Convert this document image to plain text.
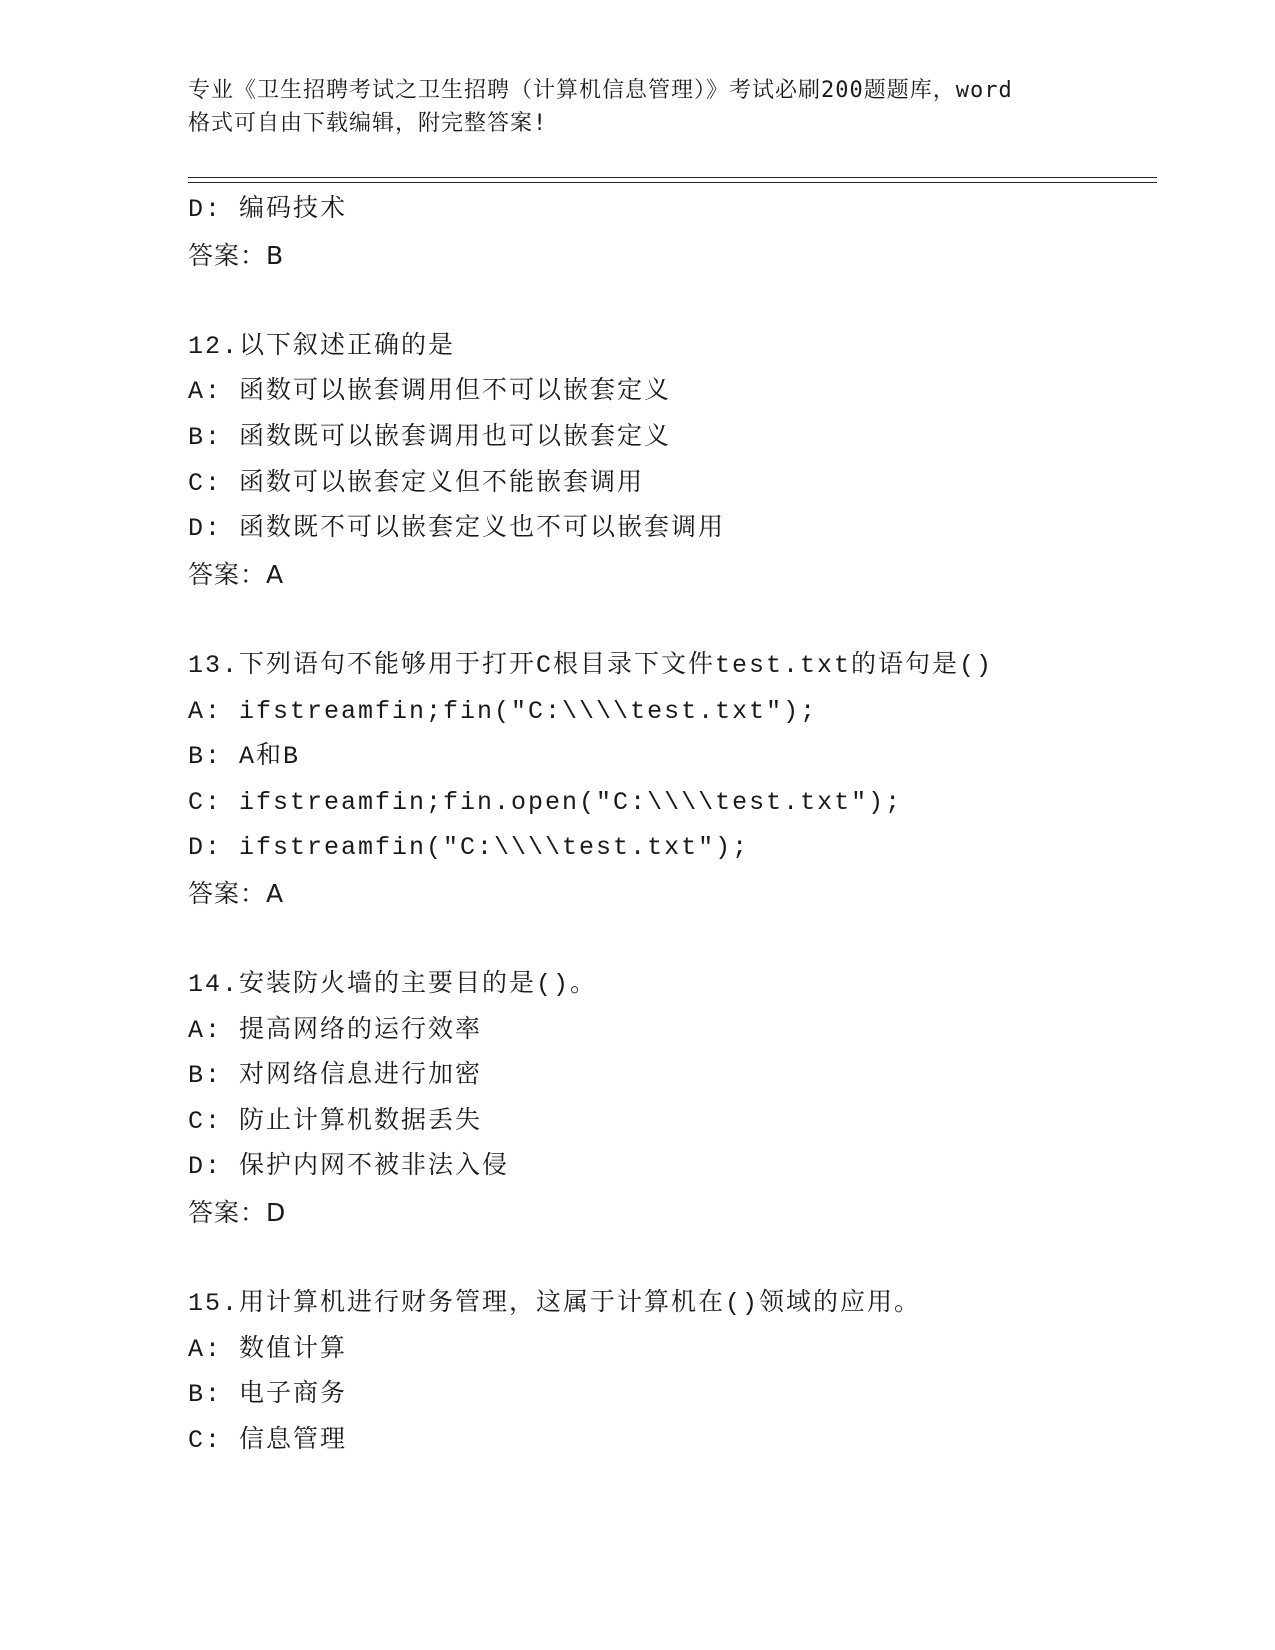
专业《卫生招聘考试之卫生招聘（计算机信息管理）》考试必刷200题题库，word
格式可自由下载编辑，附完整答案!
D: 编码技术
答案：B
12.以下叙述正确的是
A: 函数可以嵌套调用但不可以嵌套定义
B: 函数既可以嵌套调用也可以嵌套定义
C: 函数可以嵌套定义但不能嵌套调用
D: 函数既不可以嵌套定义也不可以嵌套调用
答案：A
13.下列语句不能够用于打开C根目录下文件test.txt的语句是()
A: ifstreamfin;fin(″C:\\\\test.txt″);
B: A和B
C: ifstreamfin;fin.open(″C:\\\\test.txt″);
D: ifstreamfin(″C:\\\\test.txt″);
答案：A
14.安装防火墙的主要目的是()。
A: 提高网络的运行效率
B: 对网络信息进行加密
C: 防止计算机数据丢失
D: 保护内网不被非法入侵
答案：D
15.用计算机进行财务管理，这属于计算机在()领域的应用。
A: 数值计算
B: 电子商务
C: 信息管理
